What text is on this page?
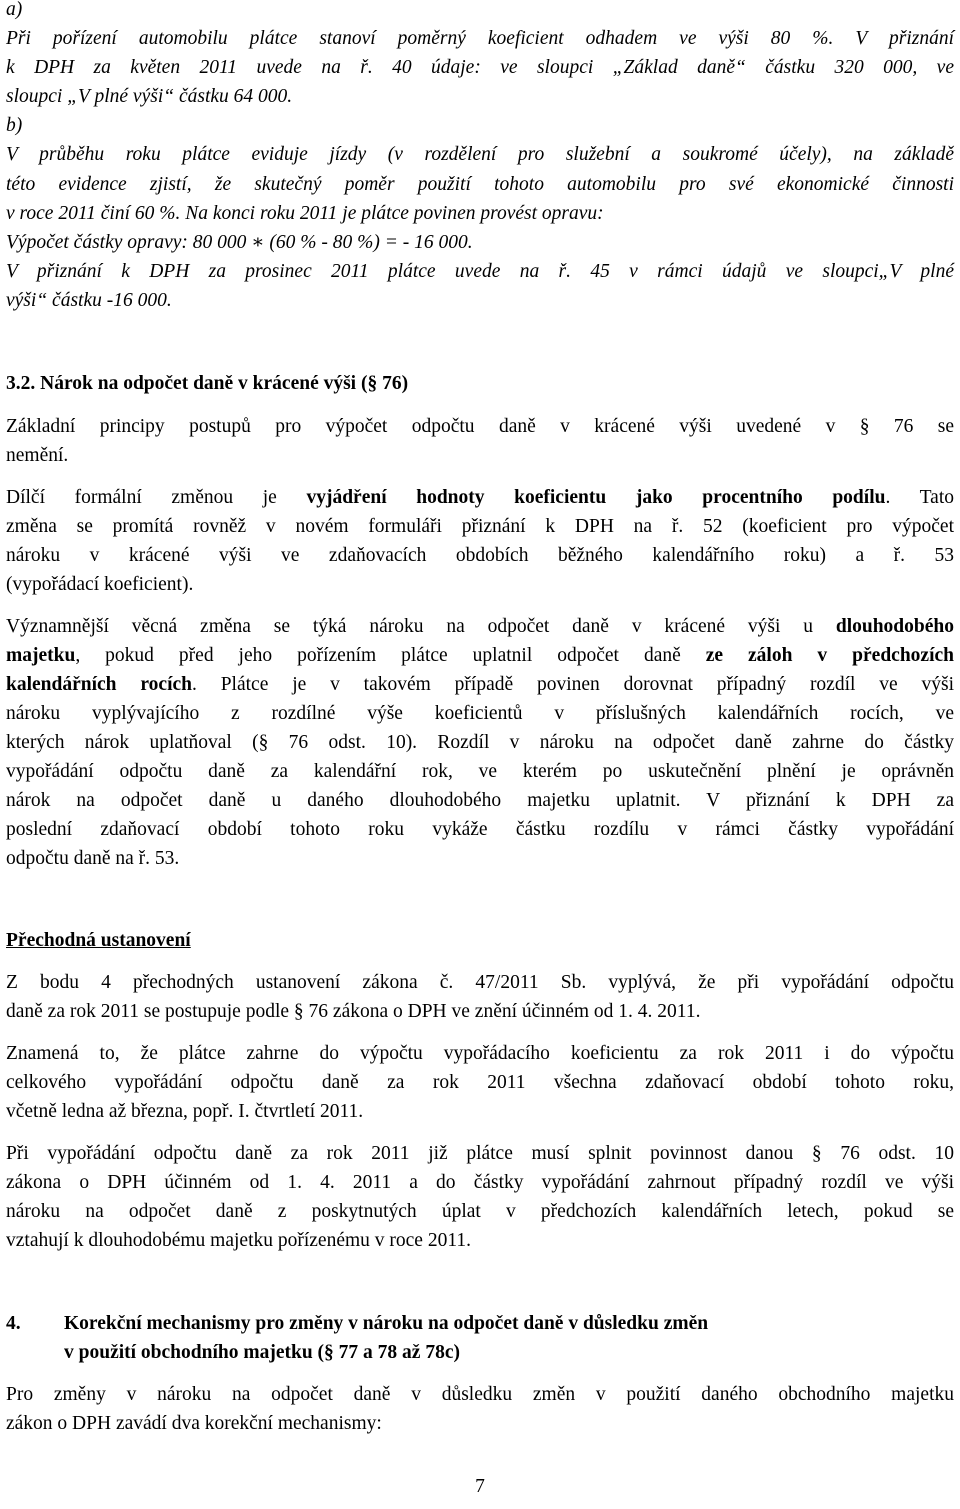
a)

Při pořízení automobilu plátce stanoví poměrný koeficient odhadem ve výši 80 %. V přiznání

k DPH za květen 2011 uvede na ř. 40 údaje: ve sloupci „Základ daně“ částku 320 000, ve

sloupci „V plné výši“ částku 64 000.

b)

V průběhu roku plátce eviduje jízdy (v rozdělení pro služební a soukromé účely), na základě

této evidence zjistí, že skutečný poměr použití tohoto automobilu pro své ekonomické činnosti

v roce 2011 činí 60 %. Na konci roku 2011 je plátce povinen provést opravu:

Výpočet částky opravy: 80 000 ∗ (60 % - 80 %) = - 16 000.

V přiznání k DPH za prosinec 2011 plátce uvede na ř. 45 v rámci údajů ve sloupci„V plné

výši“ částku -16 000.

3.2. Nárok na odpočet daně v krácené výši (§ 76)

Základní principy postupů pro výpočet odpočtu daně v krácené výši uvedené v § 76 se

nemění.

Dílčí formální změnou je vyjádření hodnoty koeficientu jako procentního podílu. Tato

změna se promítá rovněž v novém formuláři přiznání k DPH na ř. 52 (koeficient pro výpočet

nároku v krácené výši ve zdaňovacích obdobích běžného kalendářního roku) a ř. 53

(vypořádací koeficient).

Významnější věcná změna se týká nároku na odpočet daně v krácené výši u dlouhodobého

majetku, pokud před jeho pořízením plátce uplatnil odpočet daně ze záloh v předchozích

kalendářních rocích. Plátce je v takovém případě povinen dorovnat případný rozdíl ve výši

nároku vyplývajícího z rozdílné výše koeficientů v příslušných kalendářních rocích, ve

kterých nárok uplatňoval (§ 76 odst. 10). Rozdíl v nároku na odpočet daně zahrne do částky

vypořádání odpočtu daně za kalendářní rok, ve kterém po uskutečnění plnění je oprávněn

nárok na odpočet daně u daného dlouhodobého majetku uplatnit. V přiznání k DPH za

poslední zdaňovací období tohoto roku vykáže částku rozdílu v rámci částky vypořádání

odpočtu daně na ř. 53.

Přechodná ustanovení

Z bodu 4 přechodných ustanovení zákona č. 47/2011 Sb. vyplývá, že při vypořádání odpočtu

daně za rok 2011 se postupuje podle § 76 zákona o DPH ve znění účinném od 1. 4. 2011.

Znamená to, že plátce zahrne do výpočtu vypořádacího koeficientu za rok 2011 i do výpočtu

celkového vypořádání odpočtu daně za rok 2011 všechna zdaňovací období tohoto roku,

včetně ledna až března, popř. I. čtvrtletí 2011.

Při vypořádání odpočtu daně za rok 2011 již plátce musí splnit povinnost danou § 76 odst. 10

zákona o DPH účinném od 1. 4. 2011 a do částky vypořádání zahrnout případný rozdíl ve výši

nároku na odpočet daně z poskytnutých úplat v předchozích kalendářních letech, pokud se

vztahují k dlouhodobému majetku pořízenému v roce 2011.

4. Korekční mechanismy pro změny v nároku na odpočet daně v důsledku změn

v použití obchodního majetku (§ 77 a 78 až 78c)

Pro změny v nároku na odpočet daně v důsledku změn v použití daného obchodního majetku

zákon o DPH zavádí dva korekční mechanismy:

7
